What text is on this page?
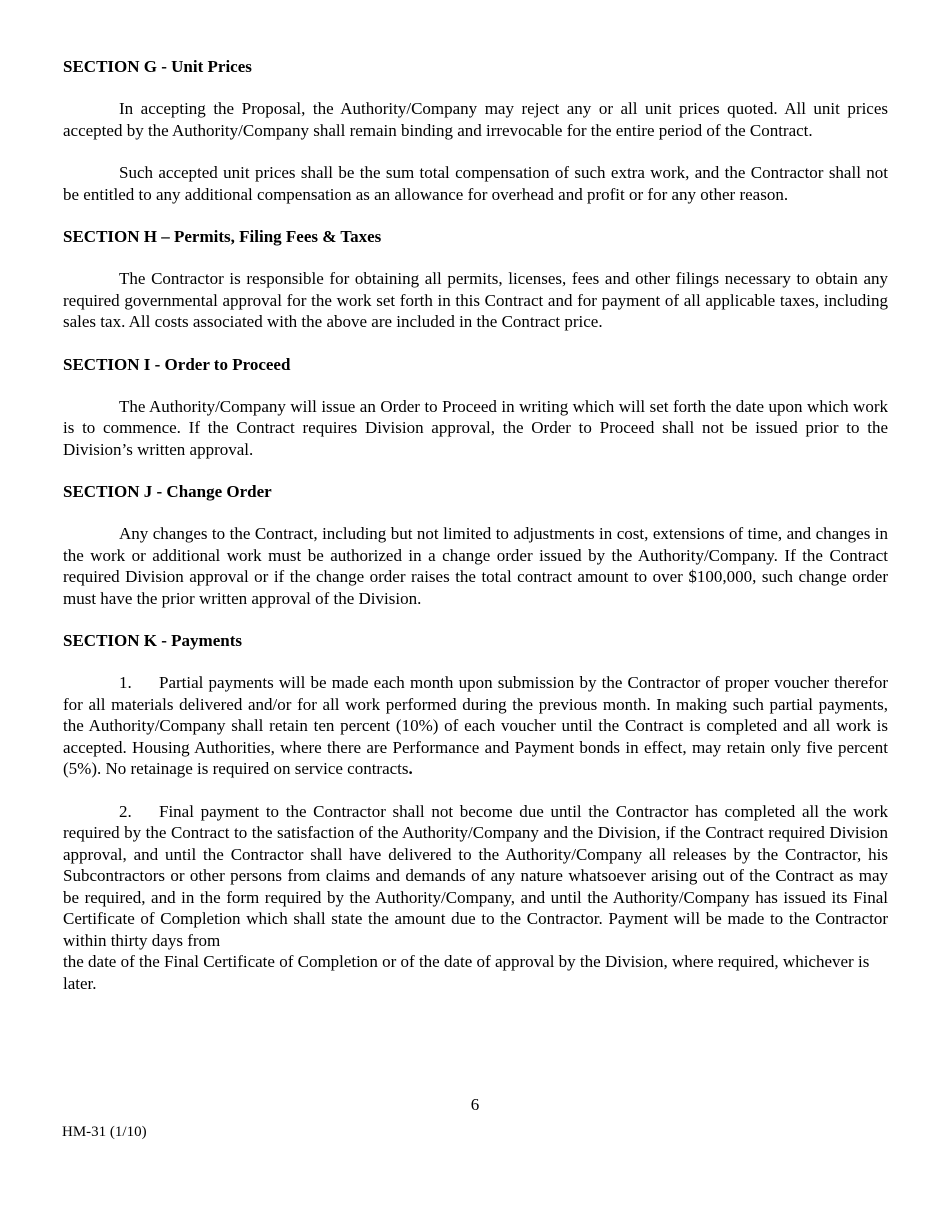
SECTION G - Unit Prices

In accepting the Proposal, the Authority/Company may reject any or all unit prices quoted. All unit prices accepted by the Authority/Company shall remain binding and irrevocable for the entire period of the Contract.

Such accepted unit prices shall be the sum total compensation of such extra work, and the Contractor shall not be entitled to any additional compensation as an allowance for overhead and profit or for any other reason.

SECTION H – Permits, Filing Fees & Taxes

The Contractor is responsible for obtaining all permits, licenses, fees and other filings necessary to obtain any required governmental approval for the work set forth in this Contract and for payment of all applicable taxes, including sales tax. All costs associated with the above are included in the Contract price.

SECTION I - Order to Proceed

The Authority/Company will issue an Order to Proceed in writing which will set forth the date upon which work is to commence. If the Contract requires Division approval, the Order to Proceed shall not be issued prior to the Division’s written approval.

SECTION J - Change Order

Any changes to the Contract, including but not limited to adjustments in cost, extensions of time, and changes in the work or additional work must be authorized in a change order issued by the Authority/Company. If the Contract required Division approval or if the change order raises the total contract amount to over $100,000, such change order must have the prior written approval of the Division.

SECTION K - Payments

1. Partial payments will be made each month upon submission by the Contractor of proper voucher therefor for all materials delivered and/or for all work performed during the previous month. In making such partial payments, the Authority/Company shall retain ten percent (10%) of each voucher until the Contract is completed and all work is accepted. Housing Authorities, where there are Performance and Payment bonds in effect, may retain only five percent (5%). No retainage is required on service contracts.

2. Final payment to the Contractor shall not become due until the Contractor has completed all the work required by the Contract to the satisfaction of the Authority/Company and the Division, if the Contract required Division approval, and until the Contractor shall have delivered to the Authority/Company all releases by the Contractor, his Subcontractors or other persons from claims and demands of any nature whatsoever arising out of the Contract as may be required, and in the form required by the Authority/Company, and until the Authority/Company has issued its Final Certificate of Completion which shall state the amount due to the Contractor. Payment will be made to the Contractor within thirty days from

the date of the Final Certificate of Completion or of the date of approval by the Division, where required, whichever is later.

6
HM-31 (1/10)
